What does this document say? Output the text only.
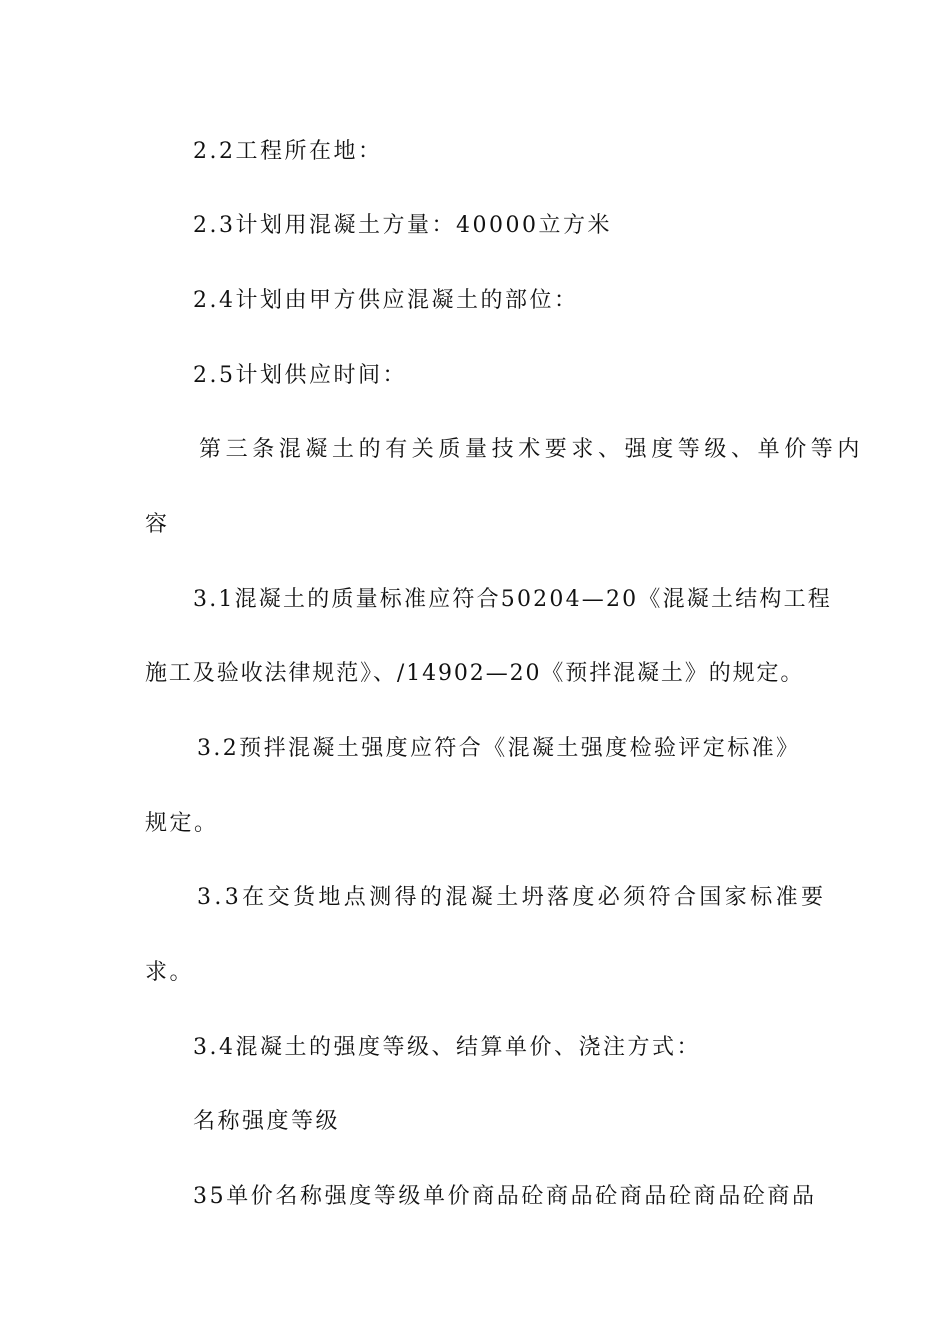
2.2工程所在地：
2.3计划用混凝土方量：40000立方米
2.4计划由甲方供应混凝土的部位：
2.5计划供应时间：
第三条混凝土的有关质量技术要求、强度等级、单价等内
容
3.1混凝土的质量标准应符合50204—20《混凝土结构工程
施工及验收法律规范》、/14902—20《预拌混凝土》的规定。
3.2预拌混凝土强度应符合《混凝土强度检验评定标准》
规定。
3.3在交货地点测得的混凝土坍落度必须符合国家标准要
求。
3.4混凝土的强度等级、结算单价、浇注方式：
名称强度等级
35单价名称强度等级单价商品砼商品砼商品砼商品砼商品
